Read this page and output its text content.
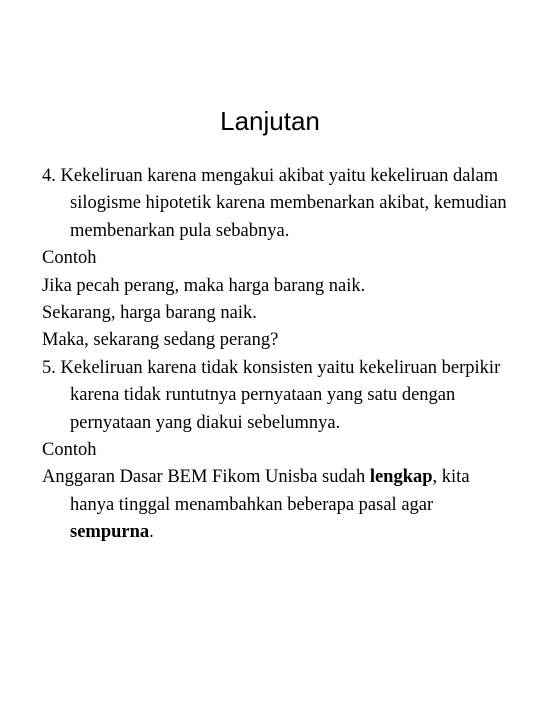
Lanjutan

4. Kekeliruan karena mengakui akibat yaitu kekeliruan dalam silogisme hipotetik karena membenarkan akibat, kemudian membenarkan pula sebabnya.

Contoh

Jika pecah perang, maka harga barang naik.

Sekarang, harga barang naik.

Maka, sekarang sedang perang?

5. Kekeliruan karena tidak konsisten yaitu kekeliruan berpikir karena tidak runtutnya pernyataan yang satu dengan pernyataan yang diakui sebelumnya.

Contoh

Anggaran Dasar BEM Fikom Unisba sudah lengkap, kita hanya tinggal menambahkan beberapa pasal agar sempurna.
